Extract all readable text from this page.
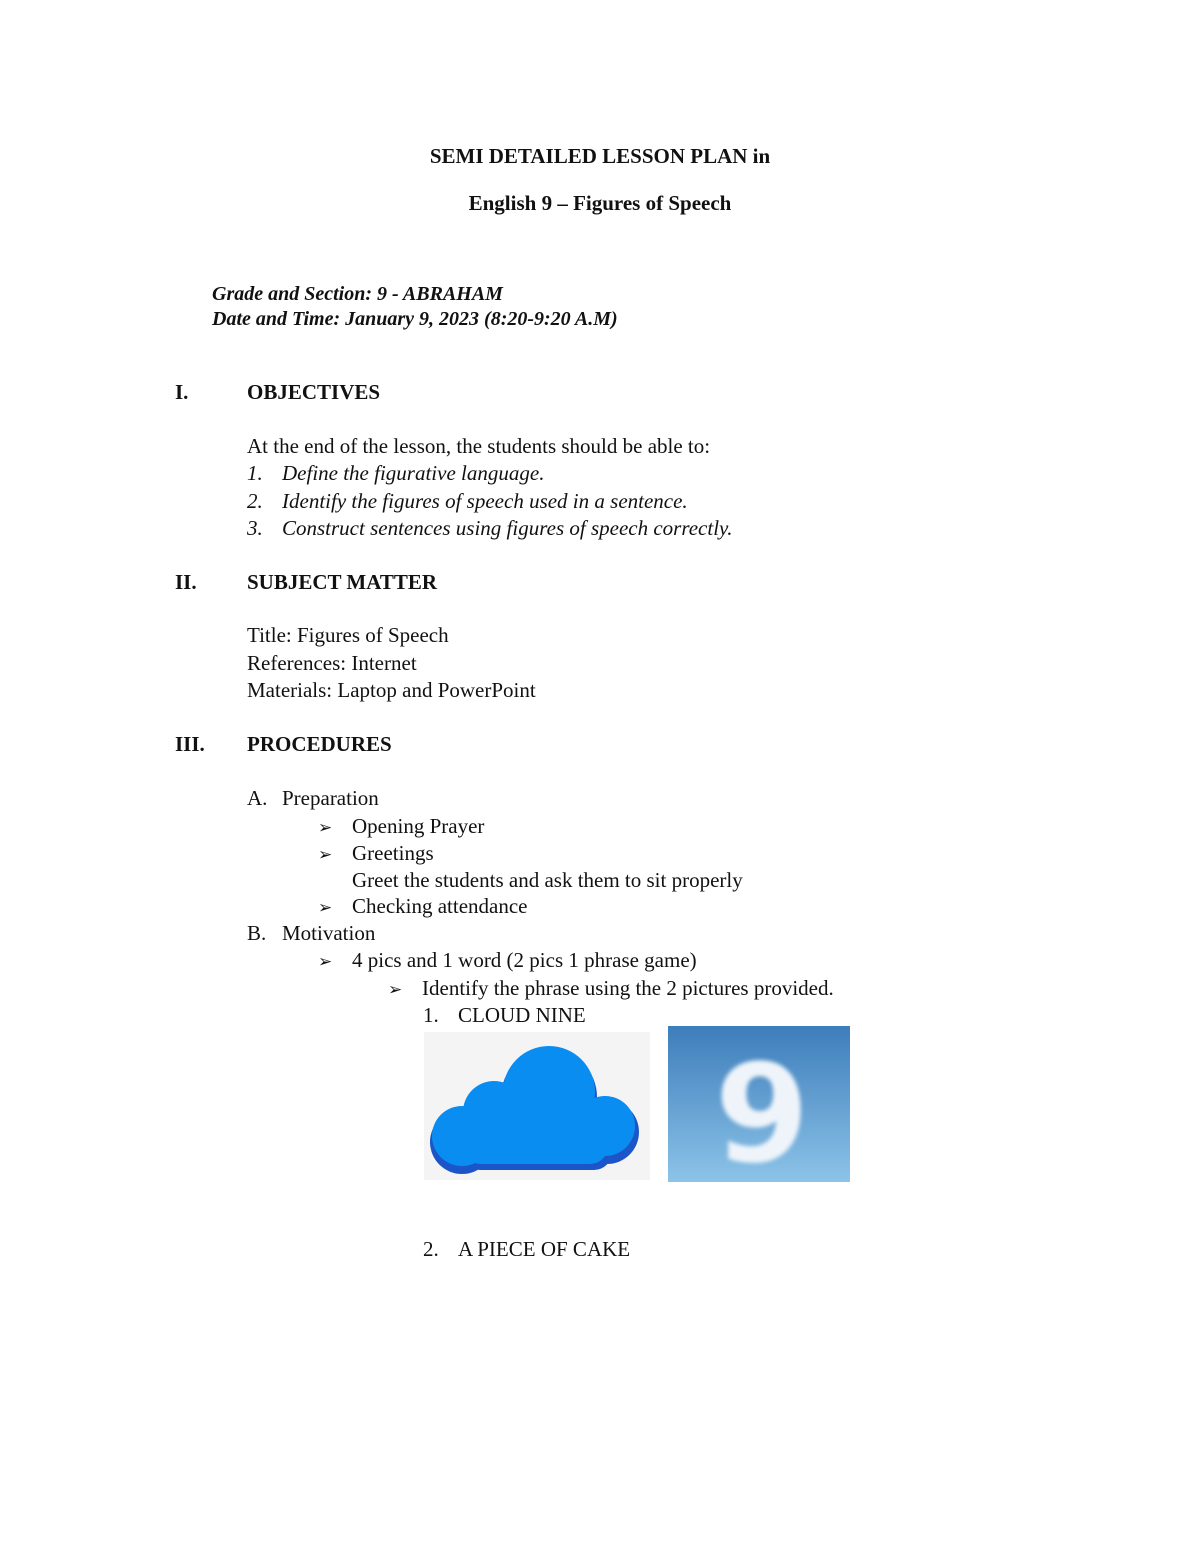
SEMI DETAILED LESSON PLAN in
English 9 – Figures of Speech
Grade and Section: 9 - ABRAHAM
Date and Time: January 9, 2023 (8:20-9:20 A.M)
I.	OBJECTIVES
At the end of the lesson, the students should be able to:
1. Define the figurative language.
2. Identify the figures of speech used in a sentence.
3. Construct sentences using figures of speech correctly.
II. SUBJECT MATTER
Title: Figures of Speech
References: Internet
Materials: Laptop and PowerPoint
III. PROCEDURES
A. Preparation
➢ Opening Prayer
➢ Greetings
Greet the students and ask them to sit properly
➢ Checking attendance
B. Motivation
➢ 4 pics and 1 word (2 pics 1 phrase game)
➢ Identify the phrase using the 2 pictures provided.
1. CLOUD NINE
9
2. A PIECE OF CAKE
